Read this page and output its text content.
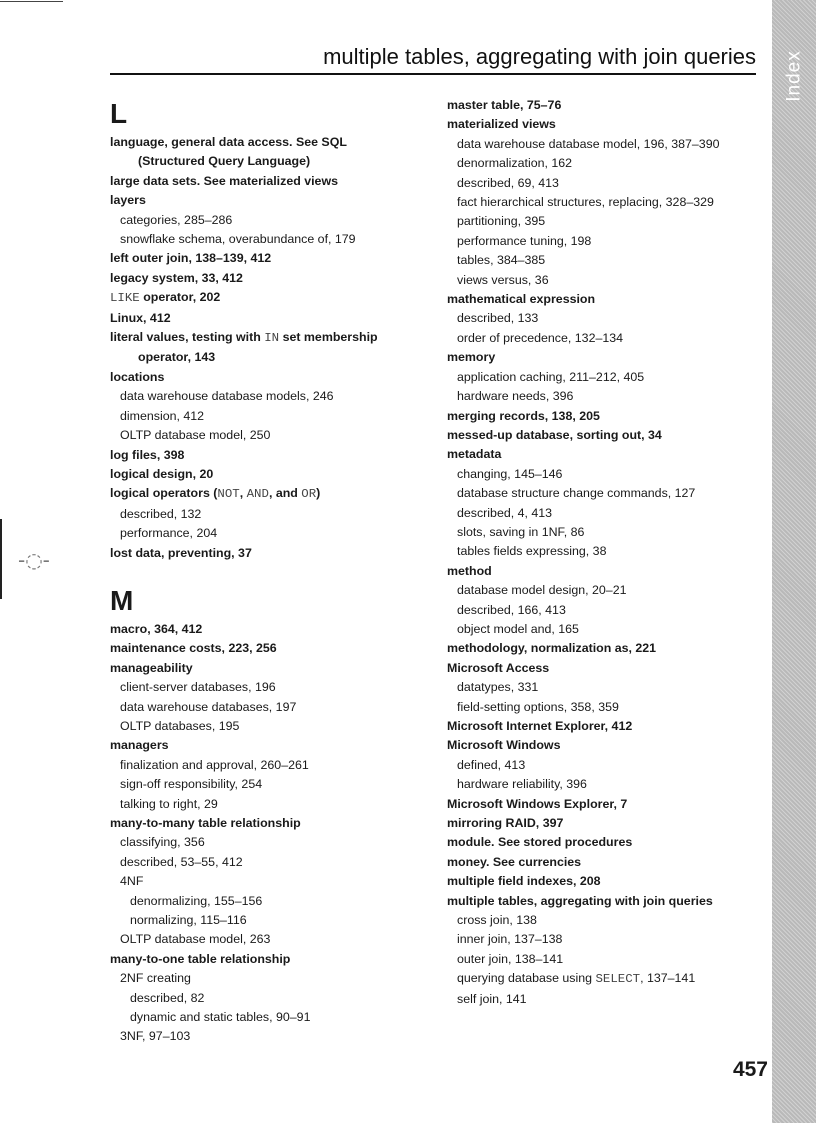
-◌-
Index
multiple tables, aggregating with join queries
L
language, general data access. See SQL
(Structured Query Language)
large data sets. See materialized views
layers
categories, 285–286
snowflake schema, overabundance of, 179
left outer join, 138–139, 412
legacy system, 33, 412
LIKE operator, 202
Linux, 412
literal values, testing with IN set membership
operator, 143
locations
data warehouse database models, 246
dimension, 412
OLTP database model, 250
log files, 398
logical design, 20
logical operators (NOT, AND, and OR)
described, 132
performance, 204
lost data, preventing, 37
M
macro, 364, 412
maintenance costs, 223, 256
manageability
client-server databases, 196
data warehouse databases, 197
OLTP databases, 195
managers
finalization and approval, 260–261
sign-off responsibility, 254
talking to right, 29
many-to-many table relationship
classifying, 356
described, 53–55, 412
4NF
denormalizing, 155–156
normalizing, 115–116
OLTP database model, 263
many-to-one table relationship
2NF creating
described, 82
dynamic and static tables, 90–91
3NF, 97–103
master table, 75–76
materialized views
data warehouse database model, 196, 387–390
denormalization, 162
described, 69, 413
fact hierarchical structures, replacing, 328–329
partitioning, 395
performance tuning, 198
tables, 384–385
views versus, 36
mathematical expression
described, 133
order of precedence, 132–134
memory
application caching, 211–212, 405
hardware needs, 396
merging records, 138, 205
messed-up database, sorting out, 34
metadata
changing, 145–146
database structure change commands, 127
described, 4, 413
slots, saving in 1NF, 86
tables fields expressing, 38
method
database model design, 20–21
described, 166, 413
object model and, 165
methodology, normalization as, 221
Microsoft Access
datatypes, 331
field-setting options, 358, 359
Microsoft Internet Explorer, 412
Microsoft Windows
defined, 413
hardware reliability, 396
Microsoft Windows Explorer, 7
mirroring RAID, 397
module. See stored procedures
money. See currencies
multiple field indexes, 208
multiple tables, aggregating with join queries
cross join, 138
inner join, 137–138
outer join, 138–141
querying database using SELECT, 137–141
self join, 141
457
